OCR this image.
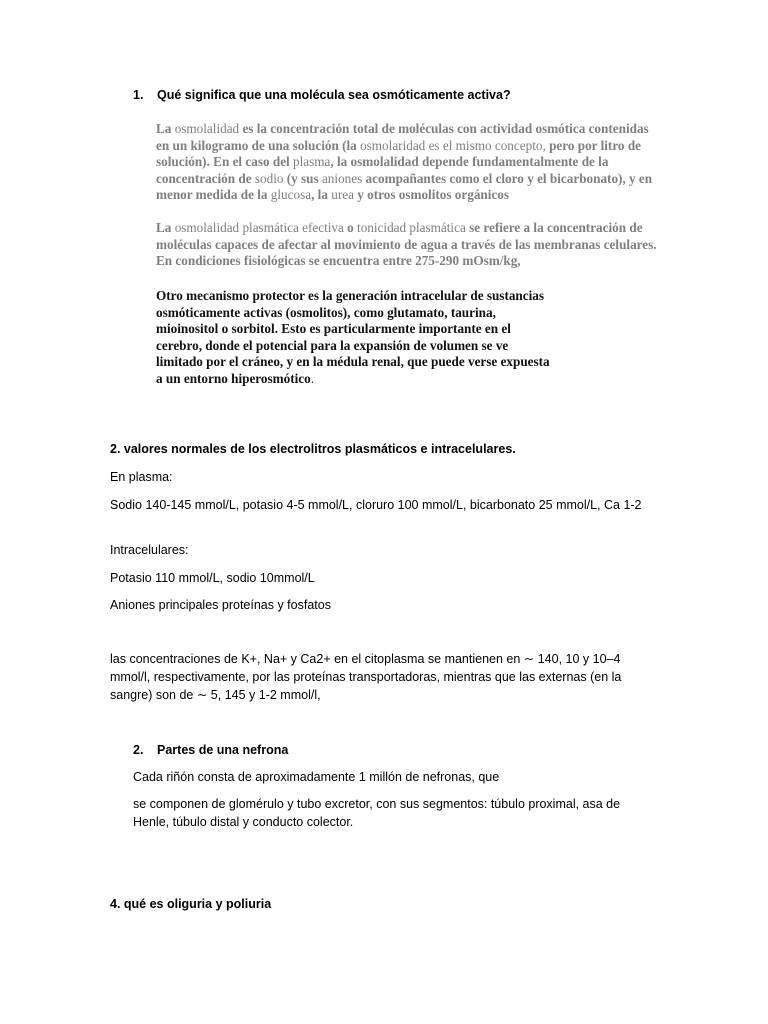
1. Qué significa que una molécula sea osmóticamente activa?
La osmolalidad es la concentración total de moléculas con actividad osmótica contenidas en un kilogramo de una solución (la osmolaridad es el mismo concepto, pero por litro de solución). En el caso del plasma, la osmolalidad depende fundamentalmente de la concentración de sodio (y sus aniones acompañantes como el cloro y el bicarbonato), y en menor medida de la glucosa, la urea y otros osmolitos orgánicos
La osmolalidad plasmática efectiva o tonicidad plasmática se refiere a la concentración de moléculas capaces de afectar al movimiento de agua a través de las membranas celulares. En condiciones fisiológicas se encuentra entre 275-290 mOsm/kg,
Otro mecanismo protector es la generación intracelular de sustancias
osmóticamente activas (osmolitos), como glutamato, taurina,
mioinositol o sorbitol. Esto es particularmente importante en el
cerebro, donde el potencial para la expansión de volumen se ve
limitado por el cráneo, y en la médula renal, que puede verse expuesta
a un entorno hiperosmótico.
2. valores normales de los electrolitros plasmáticos e intracelulares.
En plasma:
Sodio 140-145 mmol/L, potasio 4-5 mmol/L, cloruro 100 mmol/L, bicarbonato 25 mmol/L, Ca 1-2
Intracelulares:
Potasio 110 mmol/L, sodio 10mmol/L
Aniones principales proteínas y fosfatos
las concentraciones de K+, Na+ y Ca2+ en el citoplasma se mantienen en ∼ 140, 10 y 10–4 mmol/l, respectivamente, por las proteínas transportadoras, mientras que las externas (en la sangre) son de ∼ 5, 145 y 1-2 mmol/l,
2. Partes de una nefrona
Cada riñón consta de aproximadamente 1 millón de nefronas, que
se componen de glomérulo y tubo excretor, con sus segmentos: túbulo proximal, asa de Henle, túbulo distal y conducto colector.
4. qué es oliguria y poliuria
